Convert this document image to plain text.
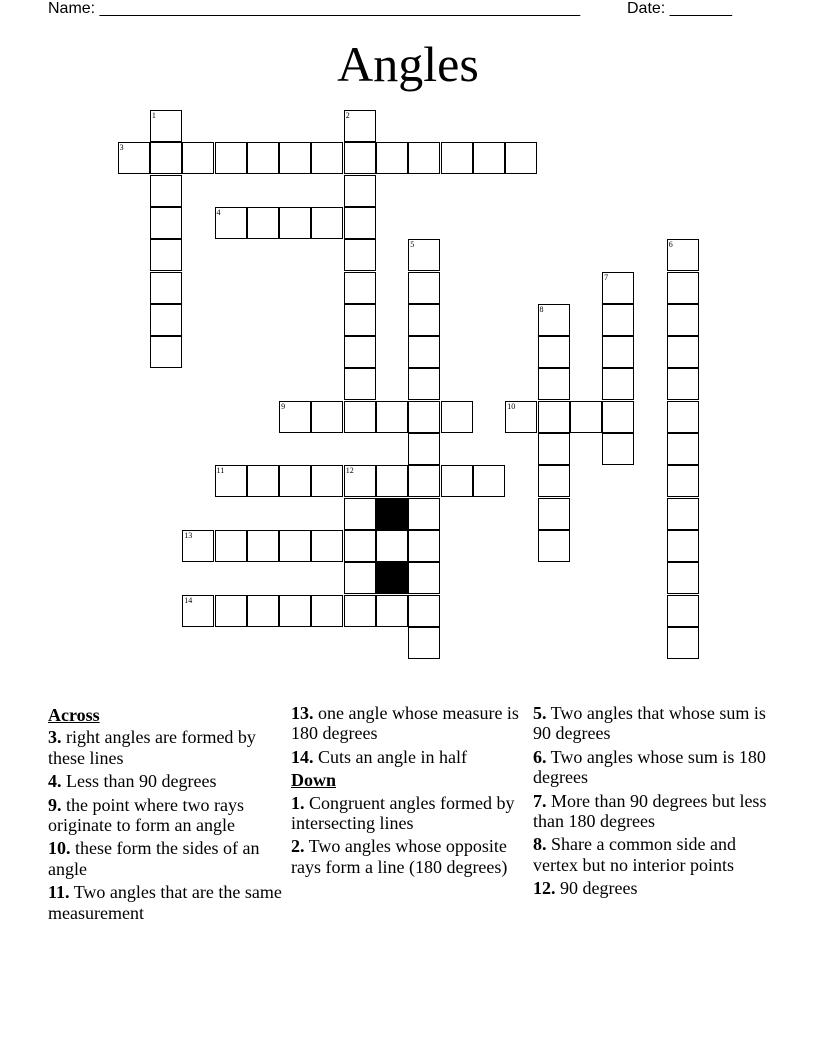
Name: ______________________________________________________	Date: _______
Angles
1	2
3
4
5	6
7
8
9	10
11	12
13
14
Across
3. right angles are formed by these lines
4. Less than 90 degrees
9. the point where two rays originate to form an angle
10. these form the sides of an angle
11. Two angles that are the same measurement
13. one angle whose measure is 180 degrees
14. Cuts an angle in half
Down
1. Congruent angles formed by intersecting lines
2. Two angles whose opposite rays form a line (180 degrees)
5. Two angles that whose sum is 90 degrees
6. Two angles whose sum is 180 degrees
7. More than 90 degrees but less than 180 degrees
8. Share a common side and vertex but no interior points
12. 90 degrees
